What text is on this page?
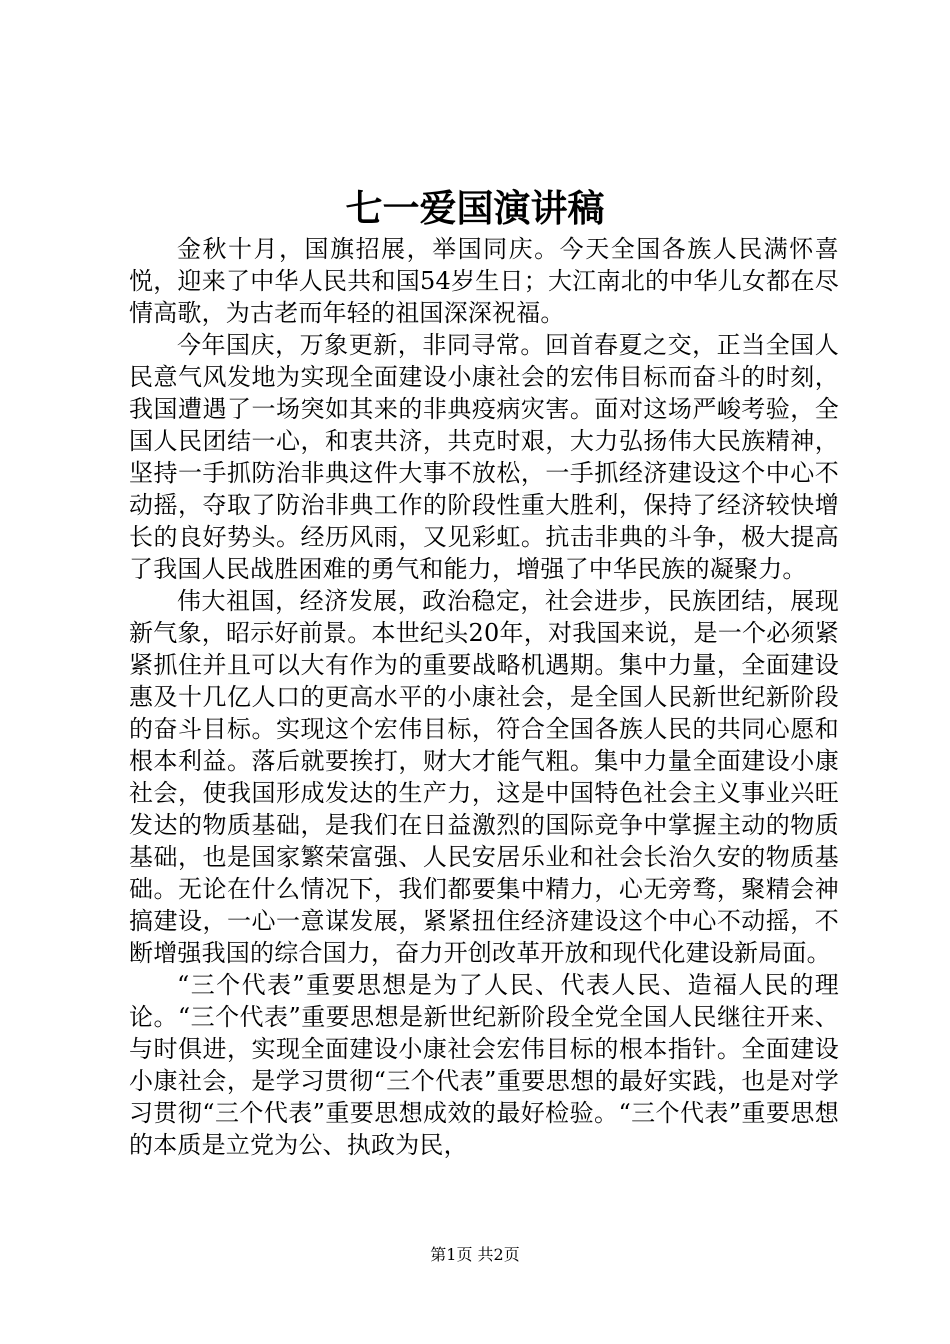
七一爱国演讲稿

金秋十月，国旗招展，举国同庆。今天全国各族人民满怀喜悦，迎来了中华人民共和国54岁生日；大江南北的中华儿女都在尽情高歌，为古老而年轻的祖国深深祝福。

今年国庆，万象更新，非同寻常。回首春夏之交，正当全国人民意气风发地为实现全面建设小康社会的宏伟目标而奋斗的时刻，我国遭遇了一场突如其来的非典疫病灾害。面对这场严峻考验，全国人民团结一心，和衷共济，共克时艰，大力弘扬伟大民族精神，坚持一手抓防治非典这件大事不放松，一手抓经济建设这个中心不动摇，夺取了防治非典工作的阶段性重大胜利，保持了经济较快增长的良好势头。经历风雨，又见彩虹。抗击非典的斗争，极大提高了我国人民战胜困难的勇气和能力，增强了中华民族的凝聚力。

伟大祖国，经济发展，政治稳定，社会进步，民族团结，展现新气象，昭示好前景。本世纪头20年，对我国来说，是一个必须紧紧抓住并且可以大有作为的重要战略机遇期。集中力量，全面建设惠及十几亿人口的更高水平的小康社会，是全国人民新世纪新阶段的奋斗目标。实现这个宏伟目标，符合全国各族人民的共同心愿和根本利益。落后就要挨打，财大才能气粗。集中力量全面建设小康社会，使我国形成发达的生产力，这是中国特色社会主义事业兴旺发达的物质基础，是我们在日益激烈的国际竞争中掌握主动的物质基础，也是国家繁荣富强、人民安居乐业和社会长治久安的物质基础。无论在什么情况下，我们都要集中精力，心无旁骛，聚精会神搞建设，一心一意谋发展，紧紧扭住经济建设这个中心不动摇，不断增强我国的综合国力，奋力开创改革开放和现代化建设新局面。

“三个代表”重要思想是为了人民、代表人民、造福人民的理论。“三个代表”重要思想是新世纪新阶段全党全国人民继往开来、与时俱进，实现全面建设小康社会宏伟目标的根本指针。全面建设小康社会，是学习贯彻“三个代表”重要思想的最好实践，也是对学习贯彻“三个代表”重要思想成效的最好检验。“三个代表”重要思想的本质是立党为公、执政为民，

第1页 共2页
